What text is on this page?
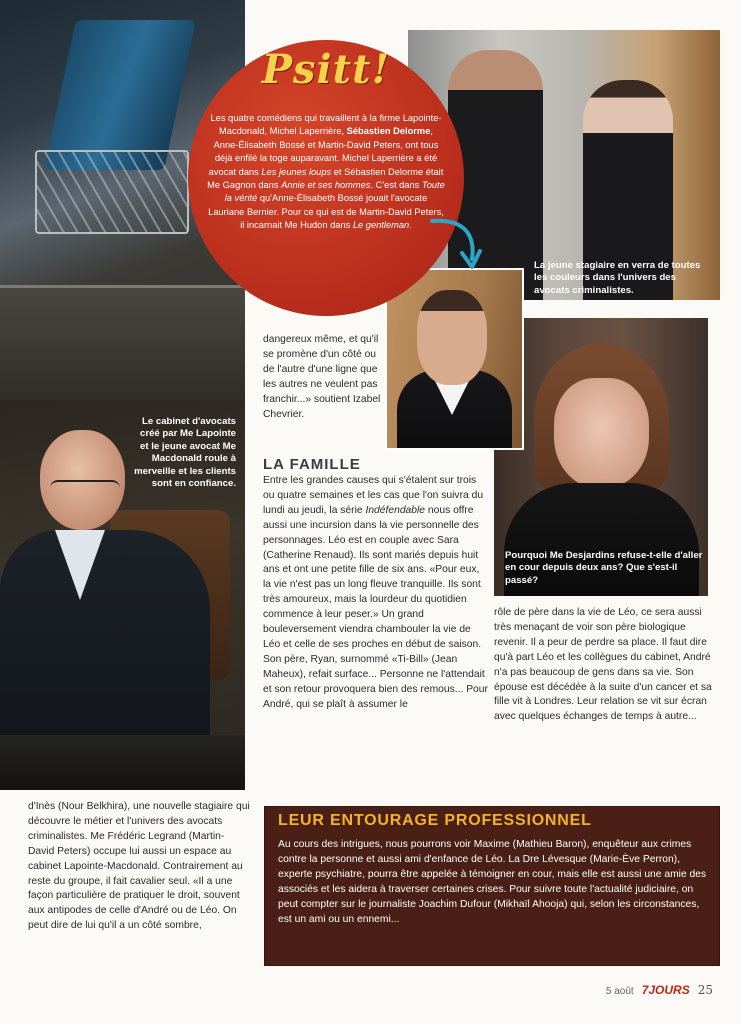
Psitt!
Les quatre comédiens qui travaillent à la firme Lapointe-Macdonald, Michel Laperrière, Sébastien Delorme, Anne-Élisabeth Bossé et Martin-David Peters, ont tous déjà enfilé la toge auparavant. Michel Laperrière a été avocat dans Les jeunes loups et Sébastien Delorme était Me Gagnon dans Annie et ses hommes. C'est dans Toute la vérité qu'Anne-Élisabeth Bossé jouait l'avocate Lauriane Bernier. Pour ce qui est de Martin-David Peters, il incarnait Me Hudon dans Le gentleman.
La jeune stagiaire en verra de toutes les couleurs dans l'univers des avocats criminalistes.
Le cabinet d'avocats créé par Me Lapointe et le jeune avocat Me Macdonald roule à merveille et les clients sont en confiance.
Pourquoi Me Desjardins refuse-t-elle d'aller en cour depuis deux ans? Que s'est-il passé?
dangereux même, et qu'il se promène d'un côté ou de l'autre d'une ligne que les autres ne veulent pas franchir...» soutient Izabel Chevrier.
LA FAMILLE
Entre les grandes causes qui s'étalent sur trois ou quatre semaines et les cas que l'on suivra du lundi au jeudi, la série Indéfendable nous offre aussi une incursion dans la vie personnelle des personnages. Léo est en couple avec Sara (Catherine Renaud). Ils sont mariés depuis huit ans et ont une petite fille de six ans. «Pour eux, la vie n'est pas un long fleuve tranquille. Ils sont très amoureux, mais la lourdeur du quotidien commence à leur peser.» Un grand bouleversement viendra chambouler la vie de Léo et celle de ses proches en début de saison. Son père, Ryan, surnommé «Ti-Bill» (Jean Maheux), refait surface... Personne ne l'attendait et son retour provoquera bien des remous... Pour André, qui se plaît à assumer le
rôle de père dans la vie de Léo, ce sera aussi très menaçant de voir son père biologique revenir. Il a peur de perdre sa place. Il faut dire qu'à part Léo et les collègues du cabinet, André n'a pas beaucoup de gens dans sa vie. Son épouse est décédée à la suite d'un cancer et sa fille vit à Londres. Leur relation se vit sur écran avec quelques échanges de temps à autre...
d'Inès (Nour Belkhira), une nouvelle stagiaire qui découvre le métier et l'univers des avocats criminalistes. Me Frédéric Legrand (Martin-David Peters) occupe lui aussi un espace au cabinet Lapointe-Macdonald. Contrairement au reste du groupe, il fait cavalier seul. «Il a une façon particulière de pratiquer le droit, souvent aux antipodes de celle d'André ou de Léo. On peut dire de lui qu'il a un côté sombre,
LEUR ENTOURAGE PROFESSIONNEL
Au cours des intrigues, nous pourrons voir Maxime (Mathieu Baron), enquêteur aux crimes contre la personne et aussi ami d'enfance de Léo. La Dre Lévesque (Marie-Ève Perron), experte psychiatre, pourra être appelée à témoigner en cour, mais elle est aussi une amie des associés et les aidera à traverser certaines crises. Pour suivre toute l'actualité judiciaire, on peut compter sur le journaliste Joachim Dufour (Mikhaïl Ahooja) qui, selon les circonstances, est un ami ou un ennemi...
5 août 7JOURS 25
